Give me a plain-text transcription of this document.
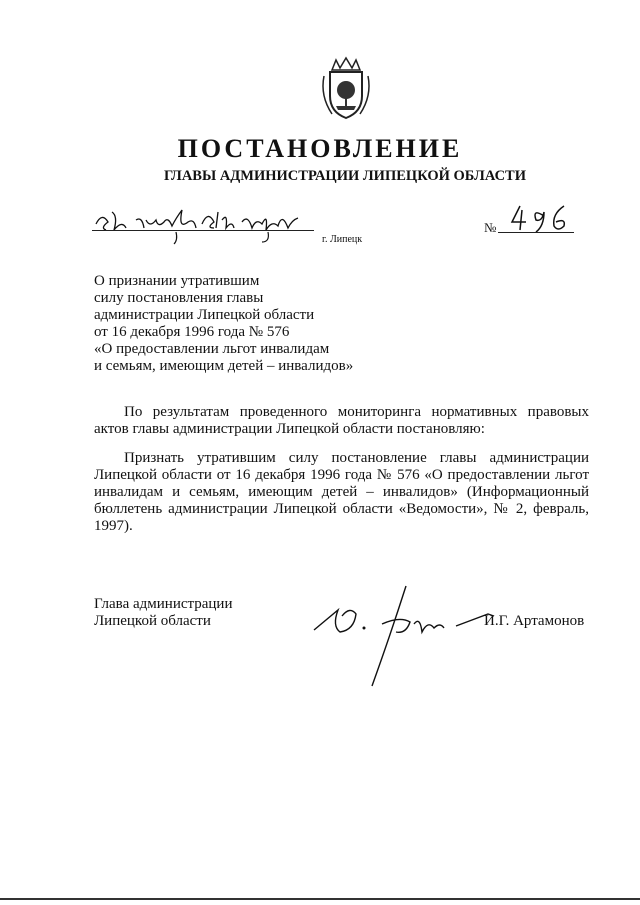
ПОСТАНОВЛЕНИЕ
ГЛАВЫ АДМИНИСТРАЦИИ ЛИПЕЦКОЙ ОБЛАСТИ
г. Липецк
№
О признании утратившим
силу постановления главы
администрации Липецкой области
от 16 декабря 1996 года № 576
«О предоставлении льгот инвалидам
и семьям, имеющим детей – инвалидов»

По результатам проведенного мониторинга нормативных правовых актов главы администрации Липецкой области постановляю:

Признать утратившим силу постановление главы администрации Липецкой области от 16 декабря 1996 года № 576 «О предоставлении льгот инвалидам и семьям, имеющим детей – инвалидов» (Информационный бюллетень администрации Липецкой области «Ведомости», № 2, февраль, 1997).

Глава администрации
Липецкой области	И.Г. Артамонов
